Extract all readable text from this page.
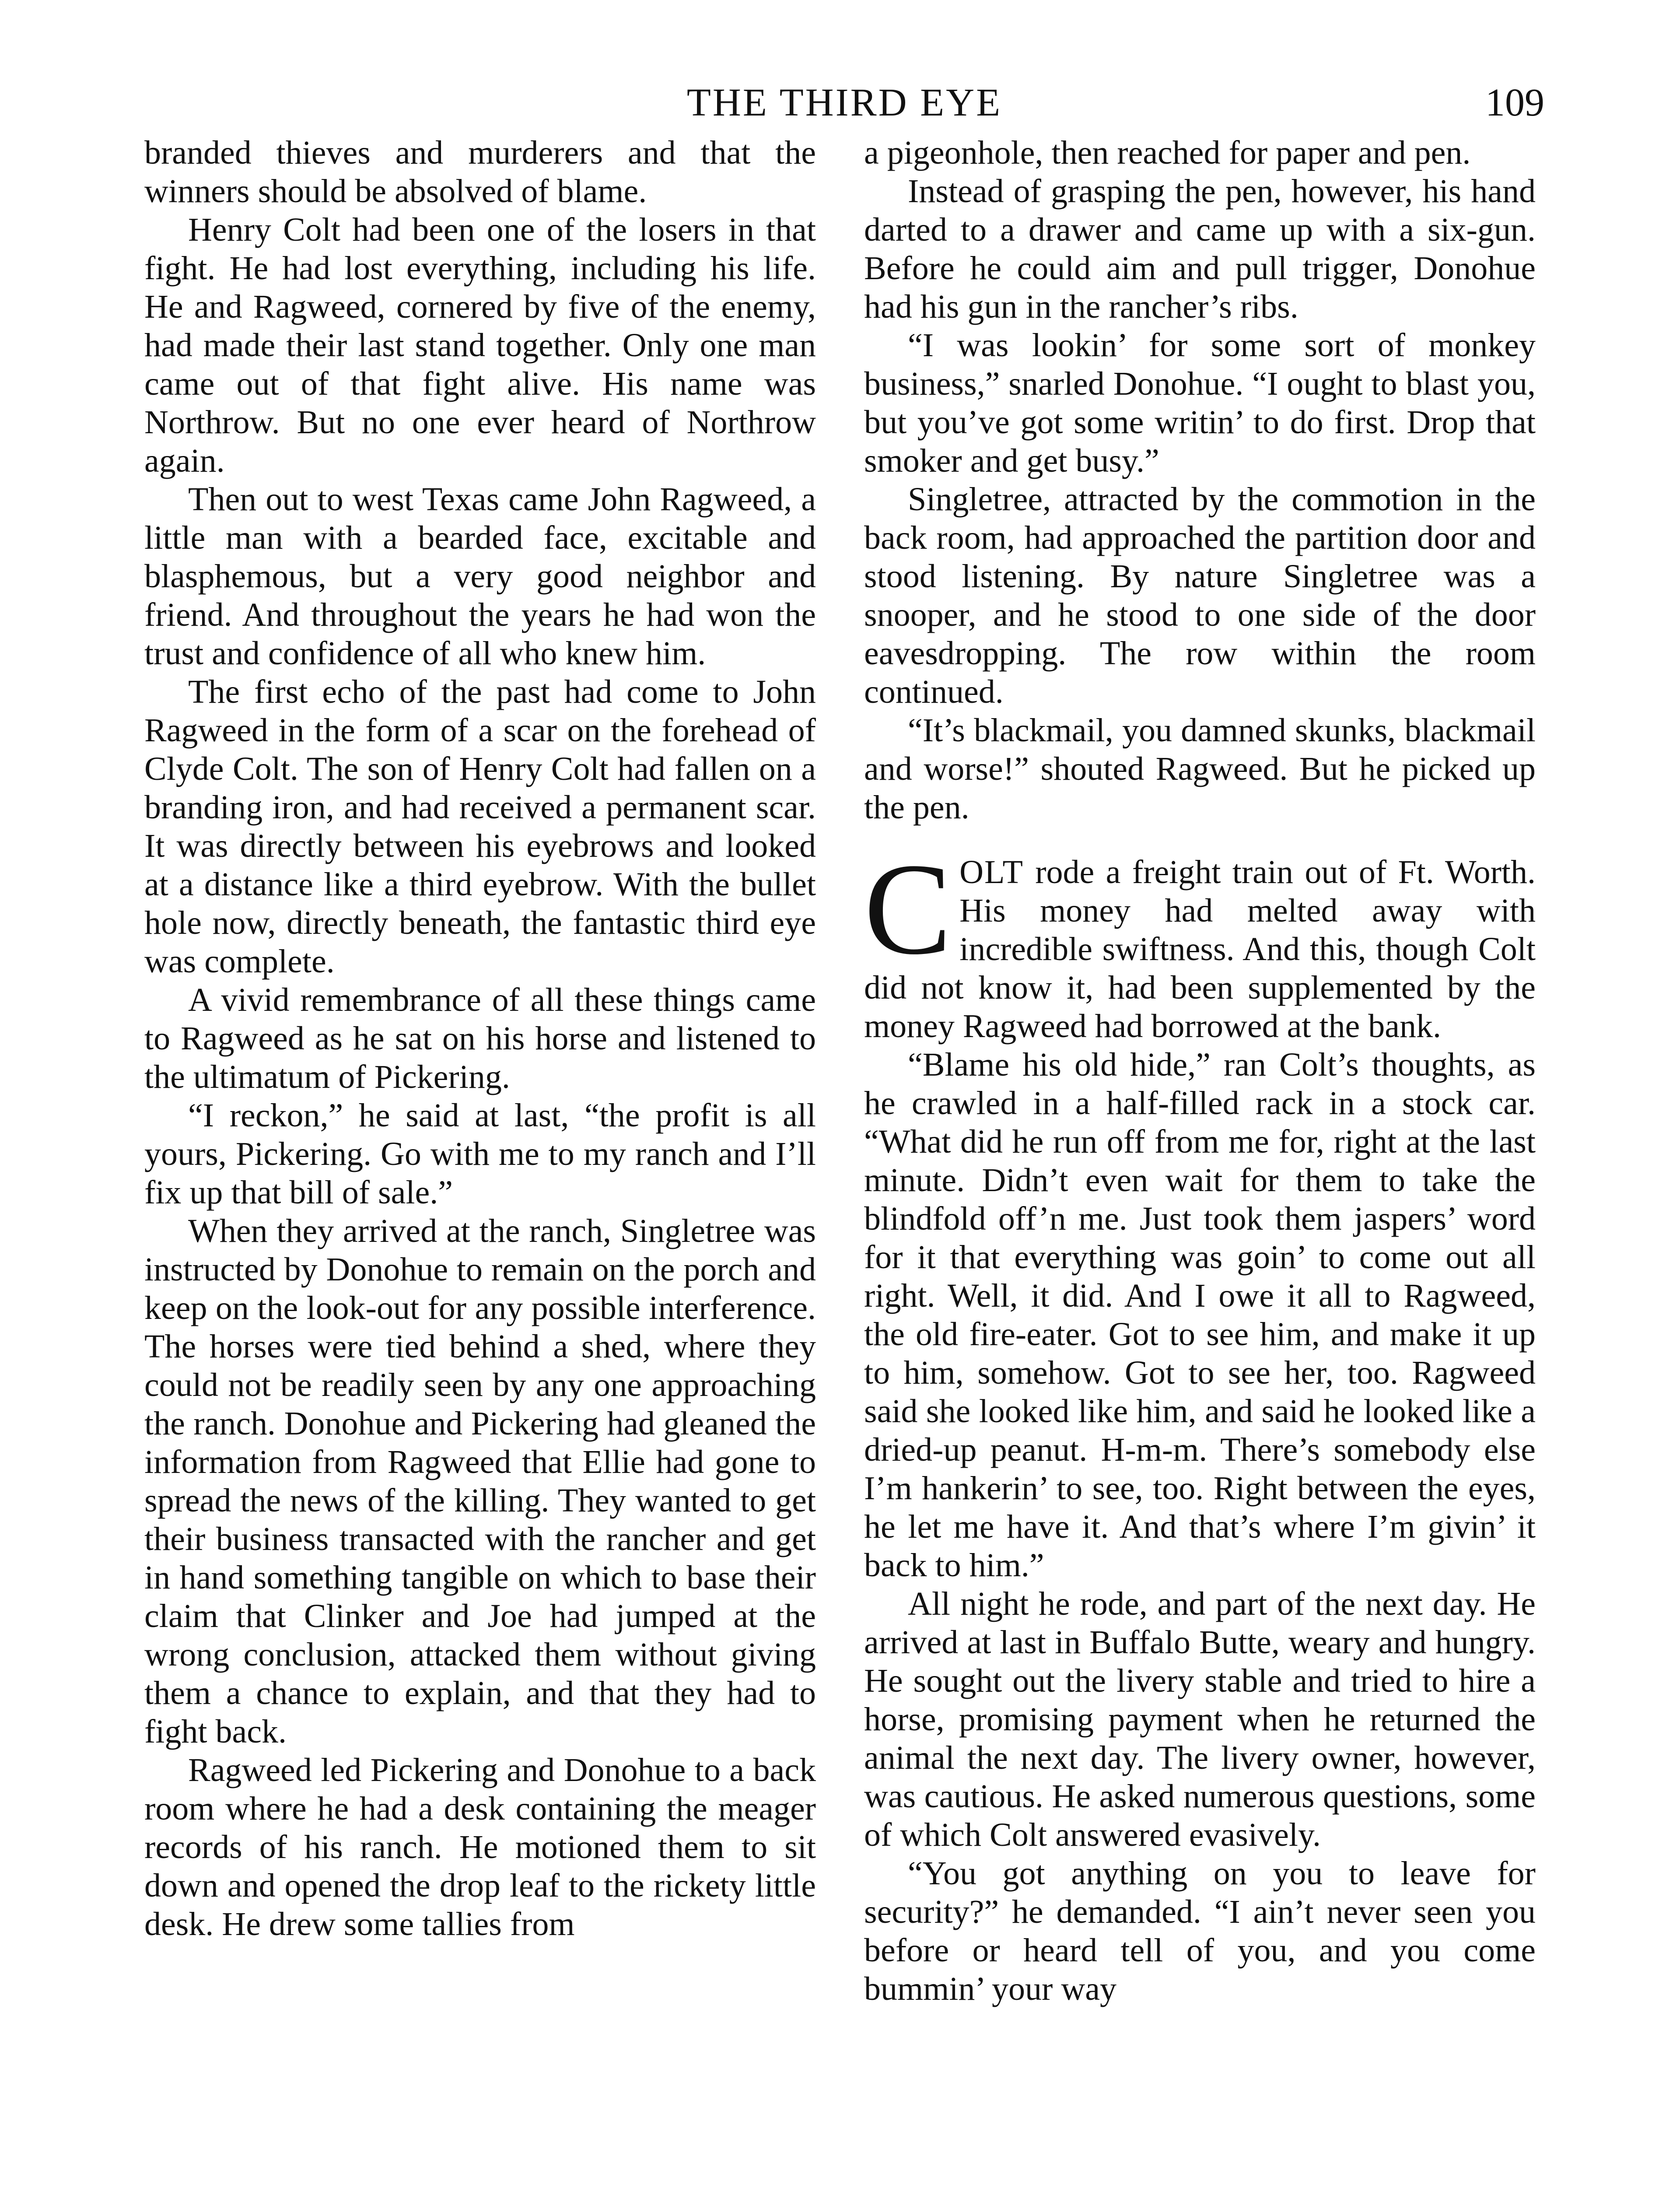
THE THIRD EYE	109

branded thieves and murderers and that the winners should be absolved of blame.

Henry Colt had been one of the losers in that fight. He had lost everything, including his life. He and Ragweed, cornered by five of the enemy, had made their last stand together. Only one man came out of that fight alive. His name was Northrow. But no one ever heard of Northrow again.

Then out to west Texas came John Ragweed, a little man with a bearded face, excitable and blasphemous, but a very good neighbor and friend. And throughout the years he had won the trust and confidence of all who knew him.

The first echo of the past had come to John Ragweed in the form of a scar on the forehead of Clyde Colt. The son of Henry Colt had fallen on a branding iron, and had received a permanent scar. It was directly between his eyebrows and looked at a distance like a third eyebrow. With the bullet hole now, directly beneath, the fantastic third eye was complete.

A vivid remembrance of all these things came to Ragweed as he sat on his horse and listened to the ultimatum of Pickering.

“I reckon,” he said at last, “the profit is all yours, Pickering. Go with me to my ranch and I’ll fix up that bill of sale.”

When they arrived at the ranch, Singletree was instructed by Donohue to remain on the porch and keep on the look-out for any possible interference. The horses were tied behind a shed, where they could not be readily seen by any one approaching the ranch. Donohue and Pickering had gleaned the information from Ragweed that Ellie had gone to spread the news of the killing. They wanted to get their business transacted with the rancher and get in hand something tangible on which to base their claim that Clinker and Joe had jumped at the wrong conclusion, attacked them without giving them a chance to explain, and that they had to fight back.

Ragweed led Pickering and Donohue to a back room where he had a desk containing the meager records of his ranch. He motioned them to sit down and opened the drop leaf to the rickety little desk. He drew some tallies from

a pigeonhole, then reached for paper and pen.

Instead of grasping the pen, however, his hand darted to a drawer and came up with a six-gun. Before he could aim and pull trigger, Donohue had his gun in the rancher’s ribs.

“I was lookin’ for some sort of monkey business,” snarled Donohue. “I ought to blast you, but you’ve got some writin’ to do first. Drop that smoker and get busy.”

Singletree, attracted by the commotion in the back room, had approached the partition door and stood listening. By nature Singletree was a snooper, and he stood to one side of the door eavesdropping. The row within the room continued.

“It’s blackmail, you damned skunks, blackmail and worse!” shouted Ragweed. But he picked up the pen.

COLT rode a freight train out of Ft. Worth. His money had melted away with incredible swiftness. And this, though Colt did not know it, had been supplemented by the money Ragweed had borrowed at the bank.

“Blame his old hide,” ran Colt’s thoughts, as he crawled in a half-filled rack in a stock car. “What did he run off from me for, right at the last minute. Didn’t even wait for them to take the blindfold off’n me. Just took them jaspers’ word for it that everything was goin’ to come out all right. Well, it did. And I owe it all to Ragweed, the old fire-eater. Got to see him, and make it up to him, somehow. Got to see her, too. Ragweed said she looked like him, and said he looked like a dried-up peanut. H-m-m. There’s somebody else I’m hankerin’ to see, too. Right between the eyes, he let me have it. And that’s where I’m givin’ it back to him.”

All night he rode, and part of the next day. He arrived at last in Buffalo Butte, weary and hungry. He sought out the livery stable and tried to hire a horse, promising payment when he returned the animal the next day. The livery owner, however, was cautious. He asked numerous questions, some of which Colt answered evasively.

“You got anything on you to leave for security?” he demanded. “I ain’t never seen you before or heard tell of you, and you come bummin’ your way
